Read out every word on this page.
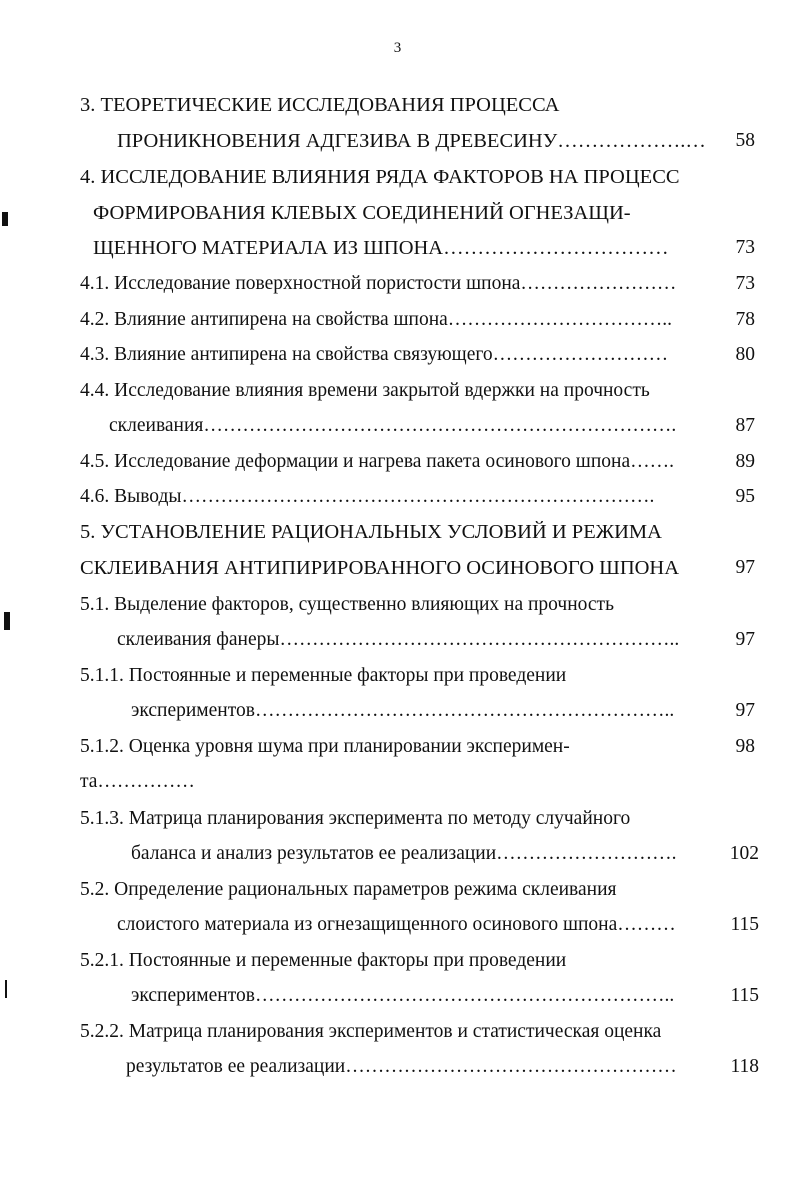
3
3. ТЕОРЕТИЧЕСКИЕ ИССЛЕДОВАНИЯ ПРОЦЕССА
ПРОНИКНОВЕНИЯ АДГЕЗИВА В ДРЕВЕСИНУ……………….…	58
4. ИССЛЕДОВАНИЕ ВЛИЯНИЯ РЯДА ФАКТОРОВ НА ПРОЦЕСС
ФОРМИРОВАНИЯ КЛЕВЫХ СОЕДИНЕНИЙ ОГНЕЗАЩИ-
ЩЕННОГО МАТЕРИАЛА ИЗ ШПОНА……………………………	73
4.1. Исследование поверхностной пористости шпона……………………	73
4.2. Влияние антипирена на свойства шпона……………………………..	78
4.3. Влияние антипирена на свойства связующего………………………	80
4.4. Исследование влияния времени закрытой вдержки на прочность
склеивания……………………………………………………………….	87
4.5. Исследование деформации и нагрева пакета осинового шпона…….	89
4.6. Выводы……………………………………………………………….	95
5. УСТАНОВЛЕНИЕ РАЦИОНАЛЬНЫХ УСЛОВИЙ И РЕЖИМА
СКЛЕИВАНИЯ АНТИПИРИРОВАННОГО ОСИНОВОГО ШПОНА	97
5.1. Выделение факторов, существенно влияющих на прочность
склеивания фанеры……………………………………………………..	97
5.1.1. Постоянные и переменные факторы при проведении
экспериментов………………………………………………………..	97
5.1.2. Оценка уровня шума при планировании эксперимен-	98
та……………
5.1.3. Матрица планирования эксперимента по методу случайного
баланса и анализ результатов ее реализации……………………….	102
5.2. Определение рациональных параметров режима склеивания
слоистого материала из огнезащищенного осинового шпона………	115
5.2.1. Постоянные и переменные факторы при проведении
экспериментов………………………………………………………..	115
5.2.2. Матрица планирования экспериментов и статистическая оценка
результатов ее реализации……………………………………………	118
